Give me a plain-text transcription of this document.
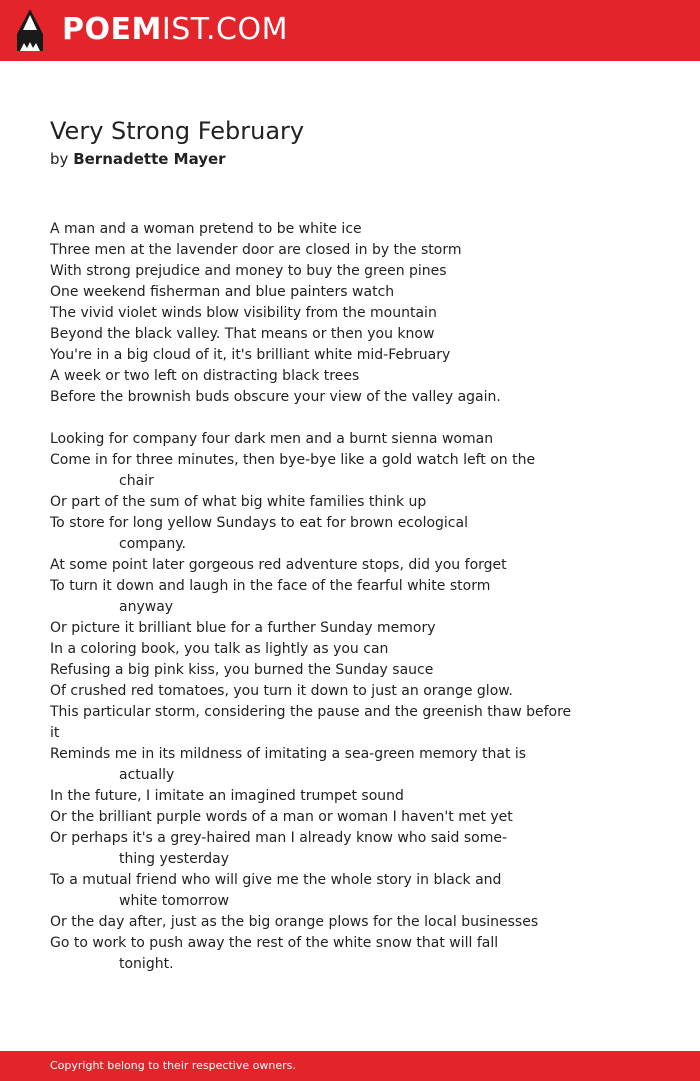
POEMIST.COM
Very Strong February
by Bernadette Mayer
A man and a woman pretend to be white ice
Three men at the lavender door are closed in by the storm
With strong prejudice and money to buy the green pines
One weekend fisherman and blue painters watch
The vivid violet winds blow visibility from the mountain
Beyond the black valley. That means or then you know
You're in a big cloud of it, it's brilliant white mid-February
A week or two left on distracting black trees
Before the brownish buds obscure your view of the valley again.
Looking for company four dark men and a burnt sienna woman
Come in for three minutes, then bye-bye like a gold watch left on the
chair
Or part of the sum of what big white families think up
To store for long yellow Sundays to eat for brown ecological
company.
At some point later gorgeous red adventure stops, did you forget
To turn it down and laugh in the face of the fearful white storm
anyway
Or picture it brilliant blue for a further Sunday memory
In a coloring book, you talk as lightly as you can
Refusing a big pink kiss, you burned the Sunday sauce
Of crushed red tomatoes, you turn it down to just an orange glow.
This particular storm, considering the pause and the greenish thaw before
it
Reminds me in its mildness of imitating a sea-green memory that is
actually
In the future, I imitate an imagined trumpet sound
Or the brilliant purple words of a man or woman I haven't met yet
Or perhaps it's a grey-haired man I already know who said some-
thing yesterday
To a mutual friend who will give me the whole story in black and
white tomorrow
Or the day after, just as the big orange plows for the local businesses
Go to work to push away the rest of the white snow that will fall
tonight.
Copyright belong to their respective owners.
